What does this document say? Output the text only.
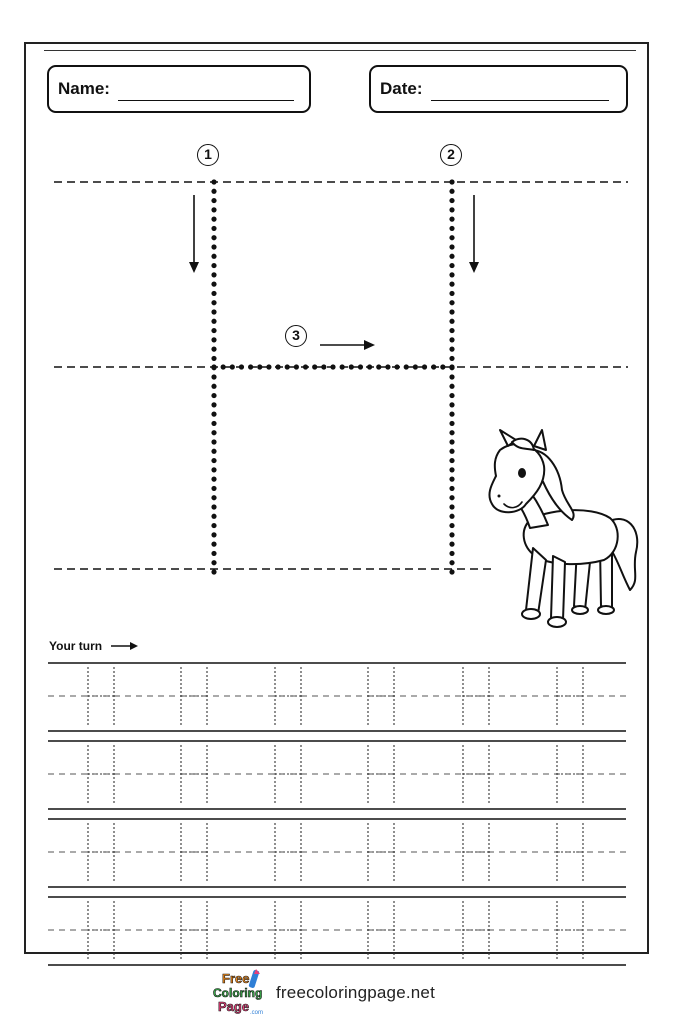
Name:	Date:
1	2
3
Your turn
Free
Coloring
Page .com
freecoloringpage.net
